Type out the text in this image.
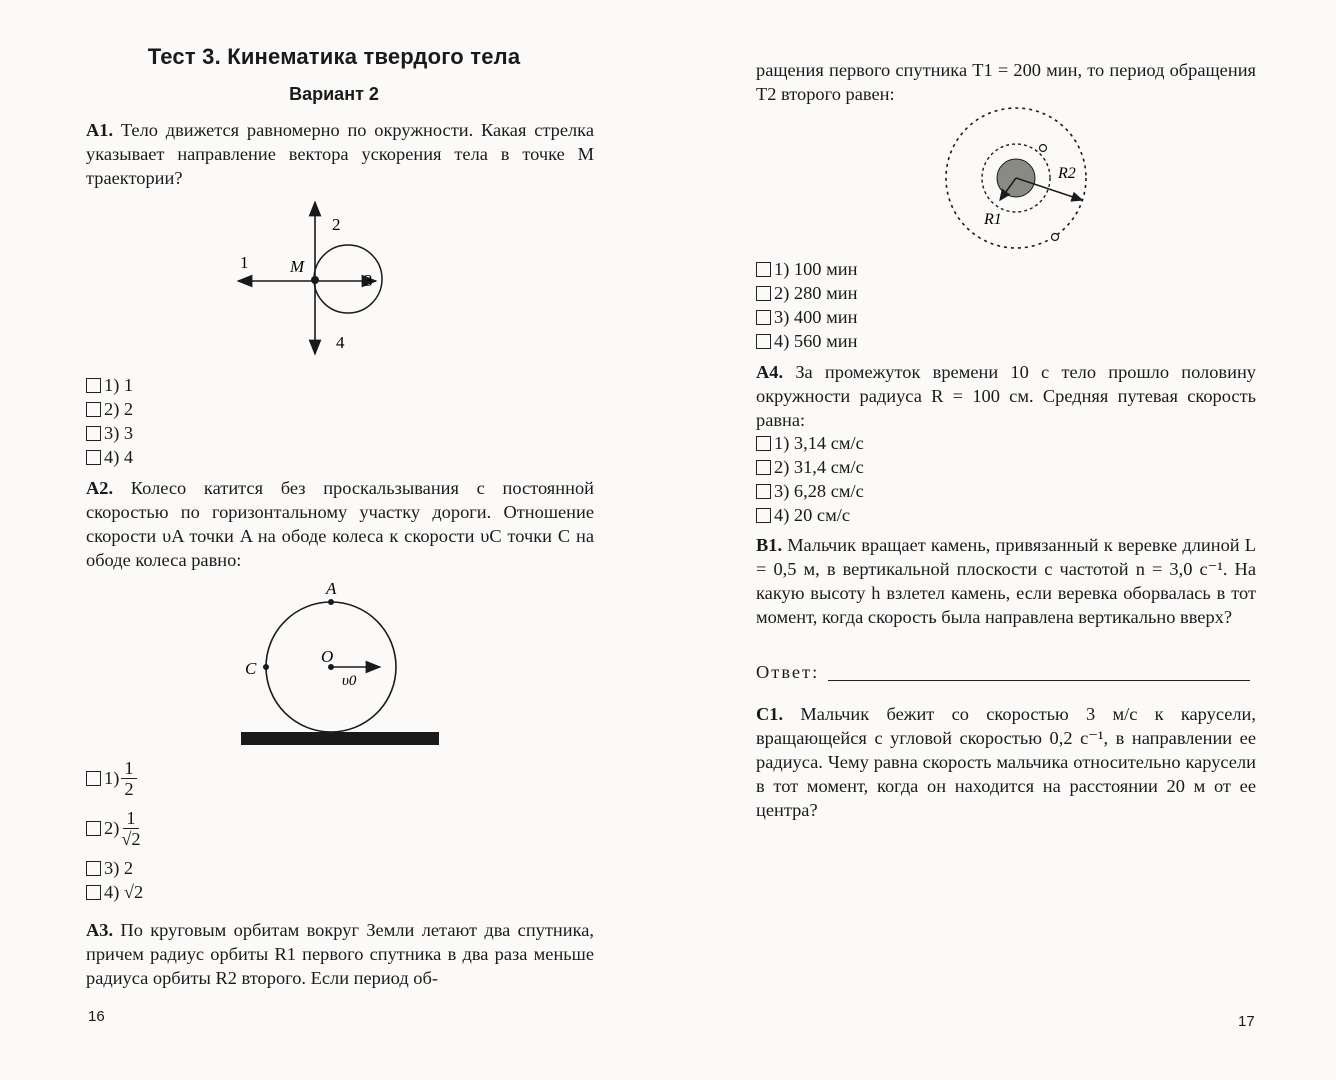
Тест 3. Кинематика твердого тела
Вариант 2
А1. Тело движется равномерно по окружности. Какая стрелка указывает направление вектора ускорения тела в точке M траектории?
1
2
3
4
M
1) 1
2) 2
3) 3
4) 4
А2. Колесо катится без проскальзывания с постоянной скоростью по горизонтальному участку дороги. Отношение скорости υA точки A на ободе колеса к скорости υC точки C на ободе колеса равно:
A
C
O
υ0
$1) \frac{1}{2}$
$2) \frac{1}{√2}$
3) 2
4) √2
А3. По круговым орбитам вокруг Земли летают два спутника, причем радиус орбиты R1 первого спутника в два раза меньше радиуса орбиты R2 второго. Если период об-
16
ращения первого спутника T1 = 200 мин, то период обращения T2 второго равен:
R1
R2
1) 100 мин
2) 280 мин
3) 400 мин
4) 560 мин
А4. За промежуток времени 10 с тело прошло половину окружности радиуса R = 100 см. Средняя путевая скорость равна:
1) 3,14 см/с
2) 31,4 см/с
3) 6,28 см/с
4) 20 см/с
В1. Мальчик вращает камень, привязанный к веревке длиной L = 0,5 м, в вертикальной плоскости с частотой n = 3,0 с⁻¹. На какую высоту h взлетел камень, если веревка оборвалась в тот момент, когда скорость была направлена вертикально вверх?
Ответ:
С1. Мальчик бежит со скоростью 3 м/с к карусели, вращающейся с угловой скоростью 0,2 с⁻¹, в направлении ее радиуса. Чему равна скорость мальчика относительно карусели в тот момент, когда он находится на расстоянии 20 м от ее центра?
17
